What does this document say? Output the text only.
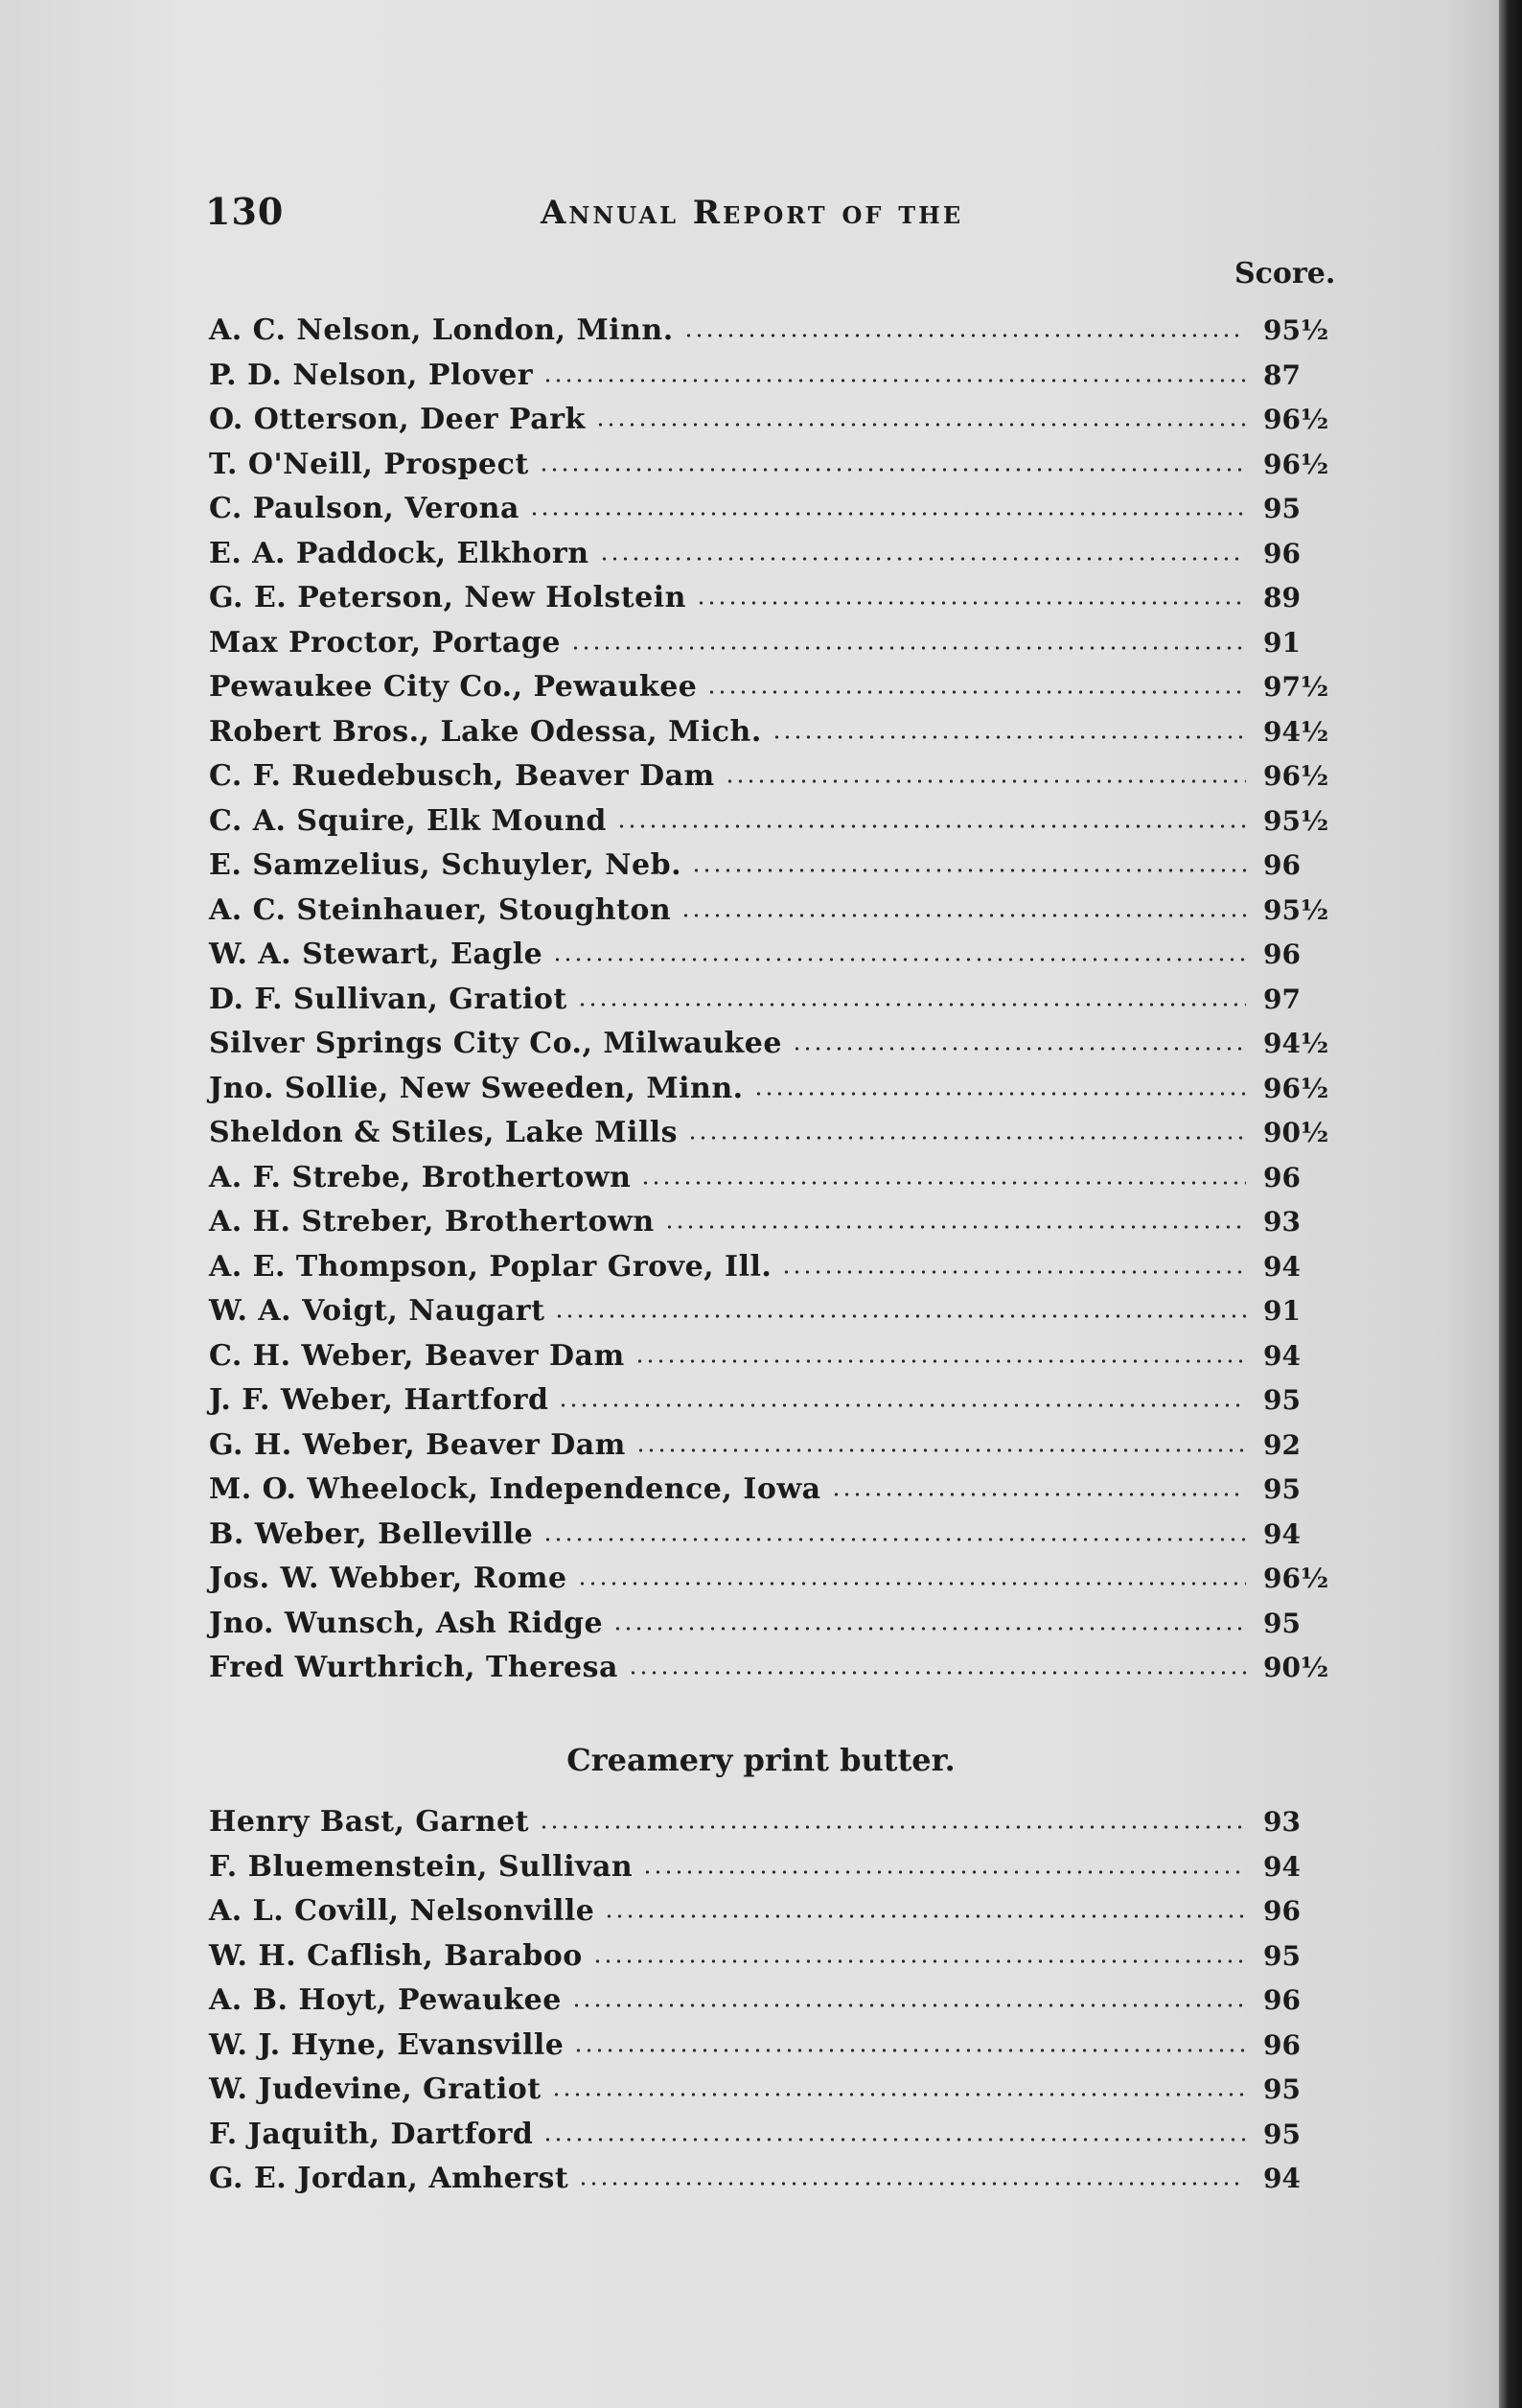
130	Annual Report of the
Score.
A. C. Nelson, London, Minn.	95½
P. D. Nelson, Plover	87
O. Otterson, Deer Park	96½
T. O'Neill, Prospect	96½
C. Paulson, Verona	95
E. A. Paddock, Elkhorn	96
G. E. Peterson, New Holstein	89
Max Proctor, Portage	91
Pewaukee City Co., Pewaukee	97½
Robert Bros., Lake Odessa, Mich.	94½
C. F. Ruedebusch, Beaver Dam	96½
C. A. Squire, Elk Mound	95½
E. Samzelius, Schuyler, Neb.	96
A. C. Steinhauer, Stoughton	95½
W. A. Stewart, Eagle	96
D. F. Sullivan, Gratiot	97
Silver Springs City Co., Milwaukee	94½
Jno. Sollie, New Sweeden, Minn.	96½
Sheldon & Stiles, Lake Mills	90½
A. F. Strebe, Brothertown	96
A. H. Streber, Brothertown	93
A. E. Thompson, Poplar Grove, Ill.	94
W. A. Voigt, Naugart	91
C. H. Weber, Beaver Dam	94
J. F. Weber, Hartford	95
G. H. Weber, Beaver Dam	92
M. O. Wheelock, Independence, Iowa	95
B. Weber, Belleville	94
Jos. W. Webber, Rome	96½
Jno. Wunsch, Ash Ridge	95
Fred Wurthrich, Theresa	90½
Creamery print butter.
Henry Bast, Garnet	93
F. Bluemenstein, Sullivan	94
A. L. Covill, Nelsonville	96
W. H. Caflish, Baraboo	95
A. B. Hoyt, Pewaukee	96
W. J. Hyne, Evansville	96
W. Judevine, Gratiot	95
F. Jaquith, Dartford	95
G. E. Jordan, Amherst	94
